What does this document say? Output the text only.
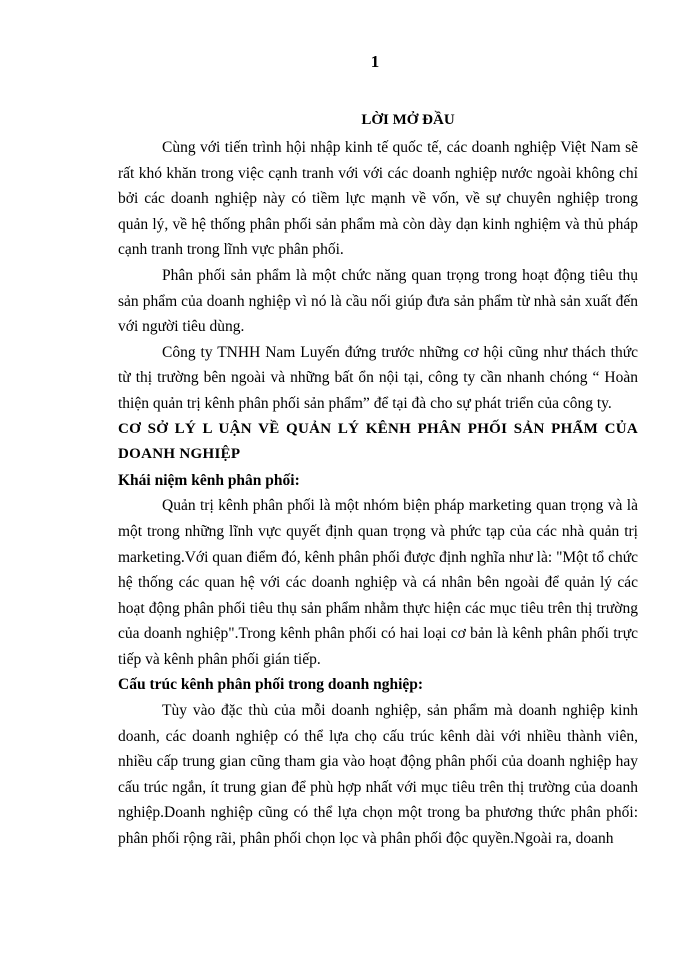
1
LỜI MỞ ĐẦU

Cùng với tiến trình hội nhập kinh tế quốc tế, các doanh nghiệp Việt Nam sẽ rất khó khăn trong việc cạnh tranh với với các doanh nghiệp nước ngoài không chỉ bởi các doanh nghiệp này có tiềm lực mạnh về vốn, về sự chuyên nghiệp trong quản lý, về hệ thống phân phối sản phẩm mà còn dày dạn kinh nghiệm và thủ pháp cạnh tranh trong lĩnh vực phân phối.

Phân phối sản phẩm là một chức năng quan trọng trong hoạt động tiêu thụ sản phẩm của doanh nghiệp vì nó là cầu nối giúp đưa sản phẩm từ nhà sản xuất đến với người tiêu dùng.

Công ty TNHH Nam Luyến đứng trước những cơ hội cũng như thách thức từ thị trường bên ngoài và những bất ổn nội tại, công ty cần nhanh chóng “ Hoàn thiện quản trị kênh phân phối sản phẩm” để tại đà cho sự phát triển của công ty.

CƠ SỞ LÝ L UẬN VỀ QUẢN LÝ KÊNH PHÂN PHỐI SẢN PHẨM CỦA DOANH NGHIỆP
Khái niệm kênh phân phối:

Quản trị kênh phân phối là một nhóm biện pháp marketing quan trọng và là một trong những lĩnh vực quyết định quan trọng và phức tạp của các nhà quản trị marketing.Với quan điểm đó, kênh phân phối được định nghĩa như là: "Một tổ chức hệ thống các quan hệ với các doanh nghiệp và cá nhân bên ngoài để quản lý các hoạt động phân phối tiêu thụ sản phẩm nhằm thực hiện các mục tiêu trên thị trường của doanh nghiệp".Trong kênh phân phối có hai loại cơ bản là kênh phân phối trực tiếp và kênh phân phối gián tiếp.

Cấu trúc kênh phân phối trong doanh nghiệp:

Tùy vào đặc thù của mỗi doanh nghiệp, sản phẩm mà doanh nghiệp kinh doanh, các doanh nghiệp có thể lựa chọ cấu trúc kênh dài với nhiều thành viên, nhiều cấp trung gian cũng tham gia vào hoạt động phân phối của doanh nghiệp hay cấu trúc ngắn, ít trung gian để phù hợp nhất với mục tiêu trên thị trường của doanh nghiệp.Doanh nghiệp cũng có thể lựa chọn một trong ba phương thức phân phối: phân phối rộng rãi, phân phối chọn lọc và phân phối độc quyền.Ngoài ra, doanh
